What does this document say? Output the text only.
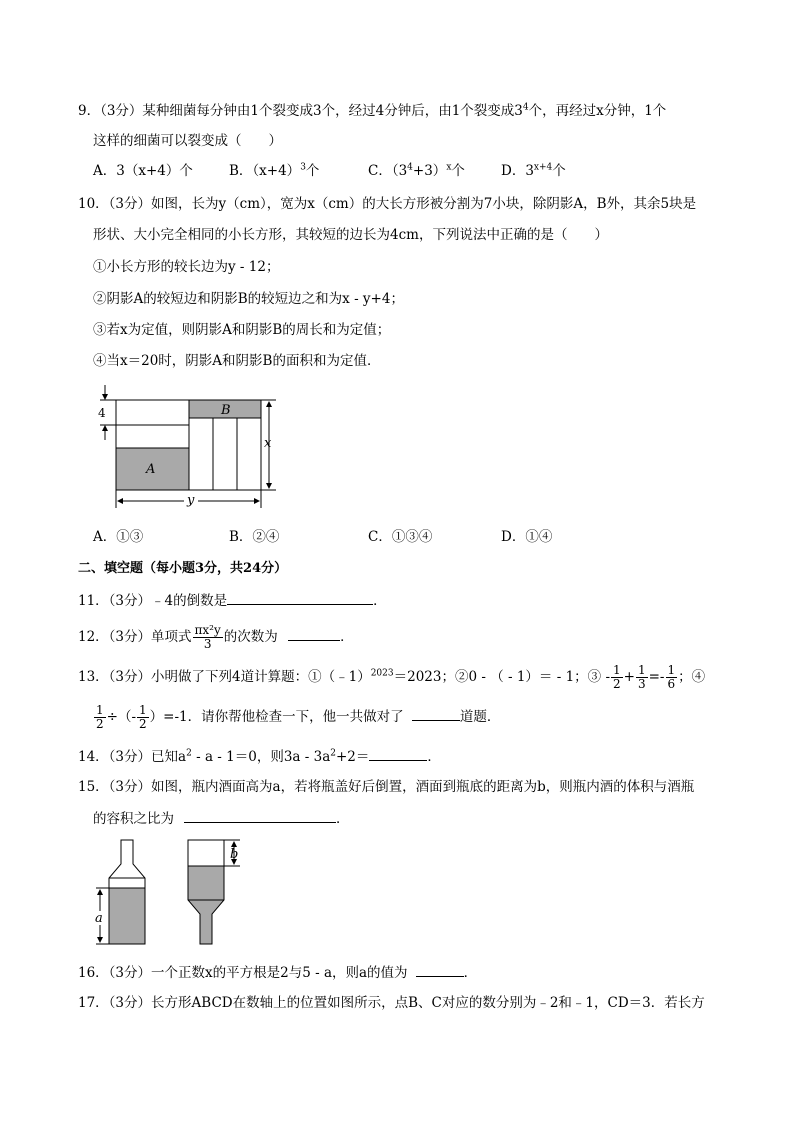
9．（3分）某种细菌每分钟由1个裂变成3个，经过4分钟后，由1个裂变成$3^4$个，再经过x分钟，1个
这样的细菌可以裂变成（　　）
A．3（x+4）个	B．$(x+4)^3$个	C．$(3^4+3)^x$个	D．$3^{x+4}$个
10．（3分）如图，长为y（cm），宽为x（cm）的大长方形被分割为7小块，除阴影A，B外，其余5块是
形状、大小完全相同的小长方形，其较短的边长为4cm，下列说法中正确的是（　　）
①小长方形的较长边为y - 12；
②阴影A的较短边和阴影B的较短边之和为x - y+4；
③若x为定值，则阴影A和阴影B的周长和为定值；
④当x＝20时，阴影A和阴影B的面积和为定值．
4
x
y
A
B
A．①③	B．②④	C．①③④	D．①④
二、填空题（每小题3分，共24分）
11．（3分）﹣4的倒数是	．
12．（3分）单项式 $\frac{\text{πx²y}}{3}$ 的次数为	．
13．（3分）小明做了下列4道计算题：①（﹣1）$^{2023}$＝2023；②0 - （ - 1）＝ - 1；③ - $\frac{1}{2} + \frac{1}{3} =- \frac{1}{6}$ ；④
$\frac{1}{2}$ ÷（- $\frac{1}{2} )=-1$．请你帮他检查一下，他一共做对了	道题．
14．（3分）已知$a^2 - a - 1=0$，则$3a - 3a^2+2=$	．
15．（3分）如图，瓶内酒面高为a，若将瓶盖好后倒置，酒面到瓶底的距离为b，则瓶内酒的体积与酒瓶
的容积之比为	．
a
b
16．（3分）一个正数x的平方根是2与5 - a，则a的值为	．
17．（3分）长方形ABCD在数轴上的位置如图所示，点B、C对应的数分别为﹣2和﹣1，CD＝3．若长方
